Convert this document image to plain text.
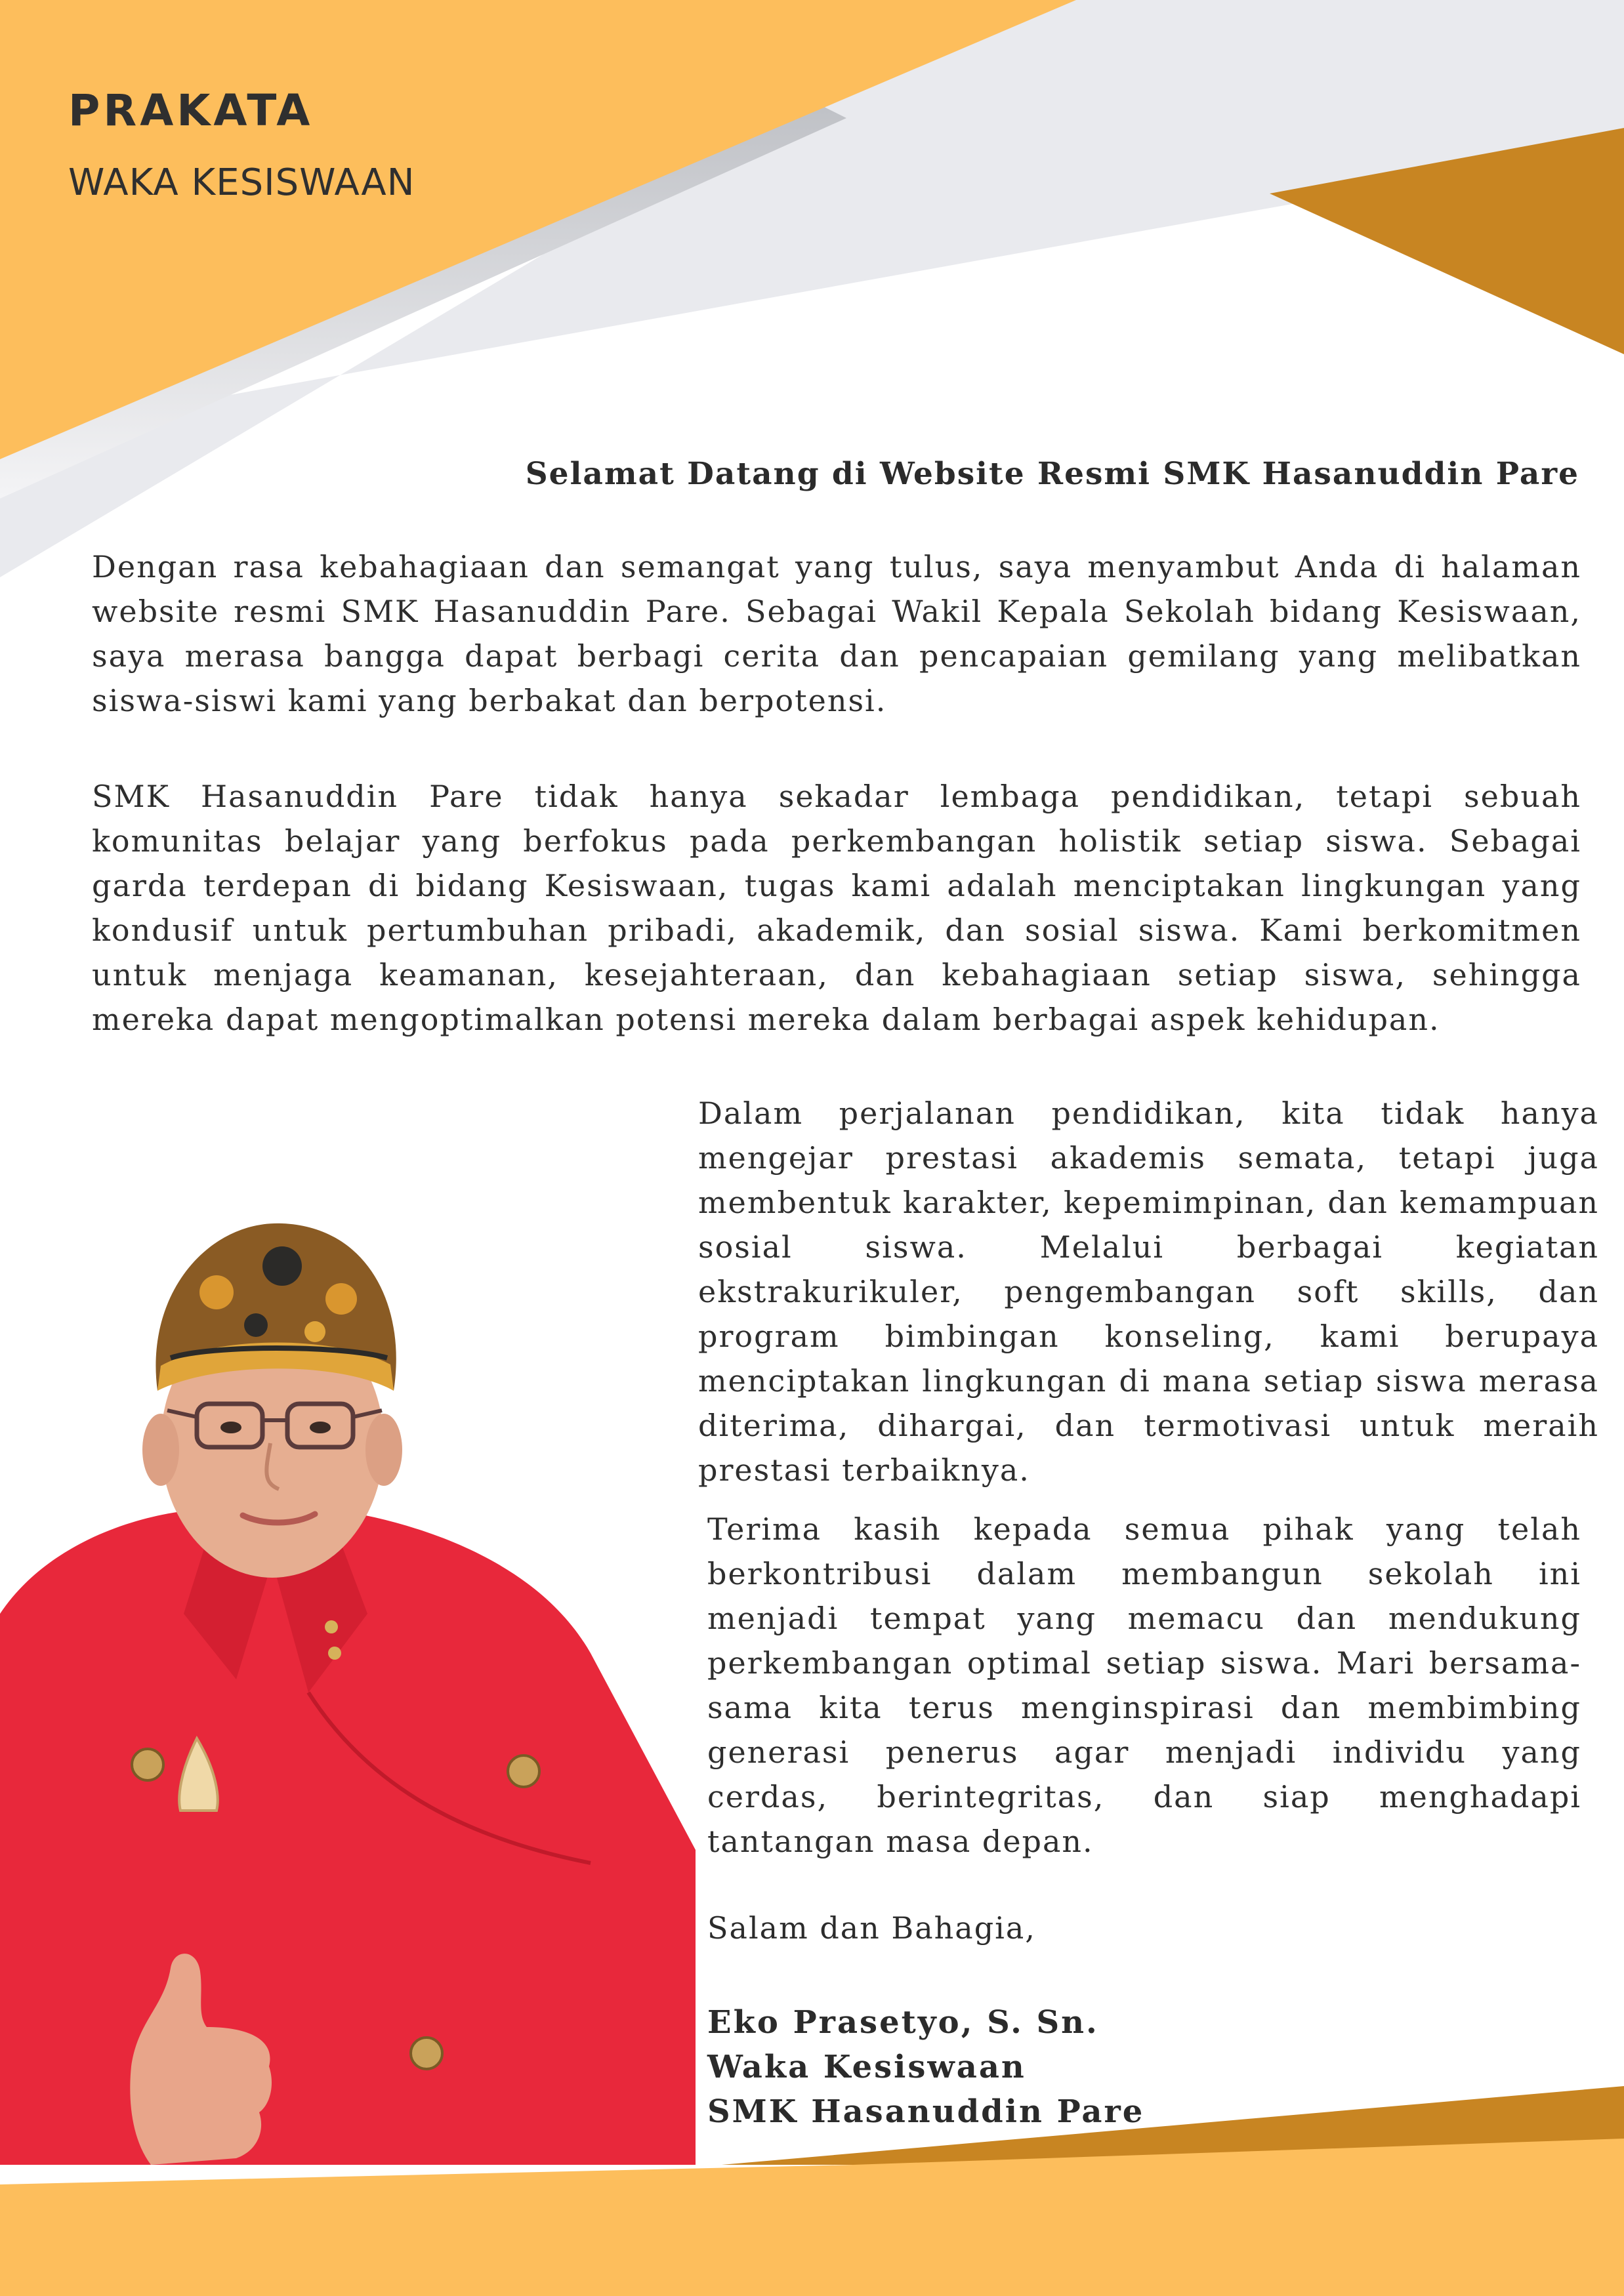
PRAKATA
WAKA KESISWAAN
Selamat Datang di Website Resmi SMK Hasanuddin Pare

Dengan rasa kebahagiaan dan semangat yang tulus, saya menyambut Anda di halaman website resmi SMK Hasanuddin Pare. Sebagai Wakil Kepala Sekolah bidang Kesiswaan, saya merasa bangga dapat berbagi cerita dan pencapaian gemilang yang melibatkan siswa-siswi kami yang berbakat dan berpotensi.

SMK Hasanuddin Pare tidak hanya sekadar lembaga pendidikan, tetapi sebuah komunitas belajar yang berfokus pada perkembangan holistik setiap siswa. Sebagai garda terdepan di bidang Kesiswaan, tugas kami adalah menciptakan lingkungan yang kondusif untuk pertumbuhan pribadi, akademik, dan sosial siswa. Kami berkomitmen untuk menjaga keamanan, kesejahteraan, dan kebahagiaan setiap siswa, sehingga mereka dapat mengoptimalkan potensi mereka dalam berbagai aspek kehidupan.

Dalam perjalanan pendidikan, kita tidak hanya mengejar prestasi akademis semata, tetapi juga membentuk karakter, kepemimpinan, dan kemampuan sosial siswa. Melalui berbagai kegiatan ekstrakurikuler, pengembangan soft skills, dan program bimbingan konseling, kami berupaya menciptakan lingkungan di mana setiap siswa merasa diterima, dihargai, dan termotivasi untuk meraih prestasi terbaiknya.

Terima kasih kepada semua pihak yang telah berkontribusi dalam membangun sekolah ini menjadi tempat yang memacu dan mendukung perkembangan optimal setiap siswa. Mari bersama-sama kita terus menginspirasi dan membimbing generasi penerus agar menjadi individu yang cerdas, berintegritas, dan siap menghadapi tantangan masa depan.

Salam dan Bahagia,

Eko Prasetyo, S. Sn.

Waka Kesiswaan

SMK Hasanuddin Pare
